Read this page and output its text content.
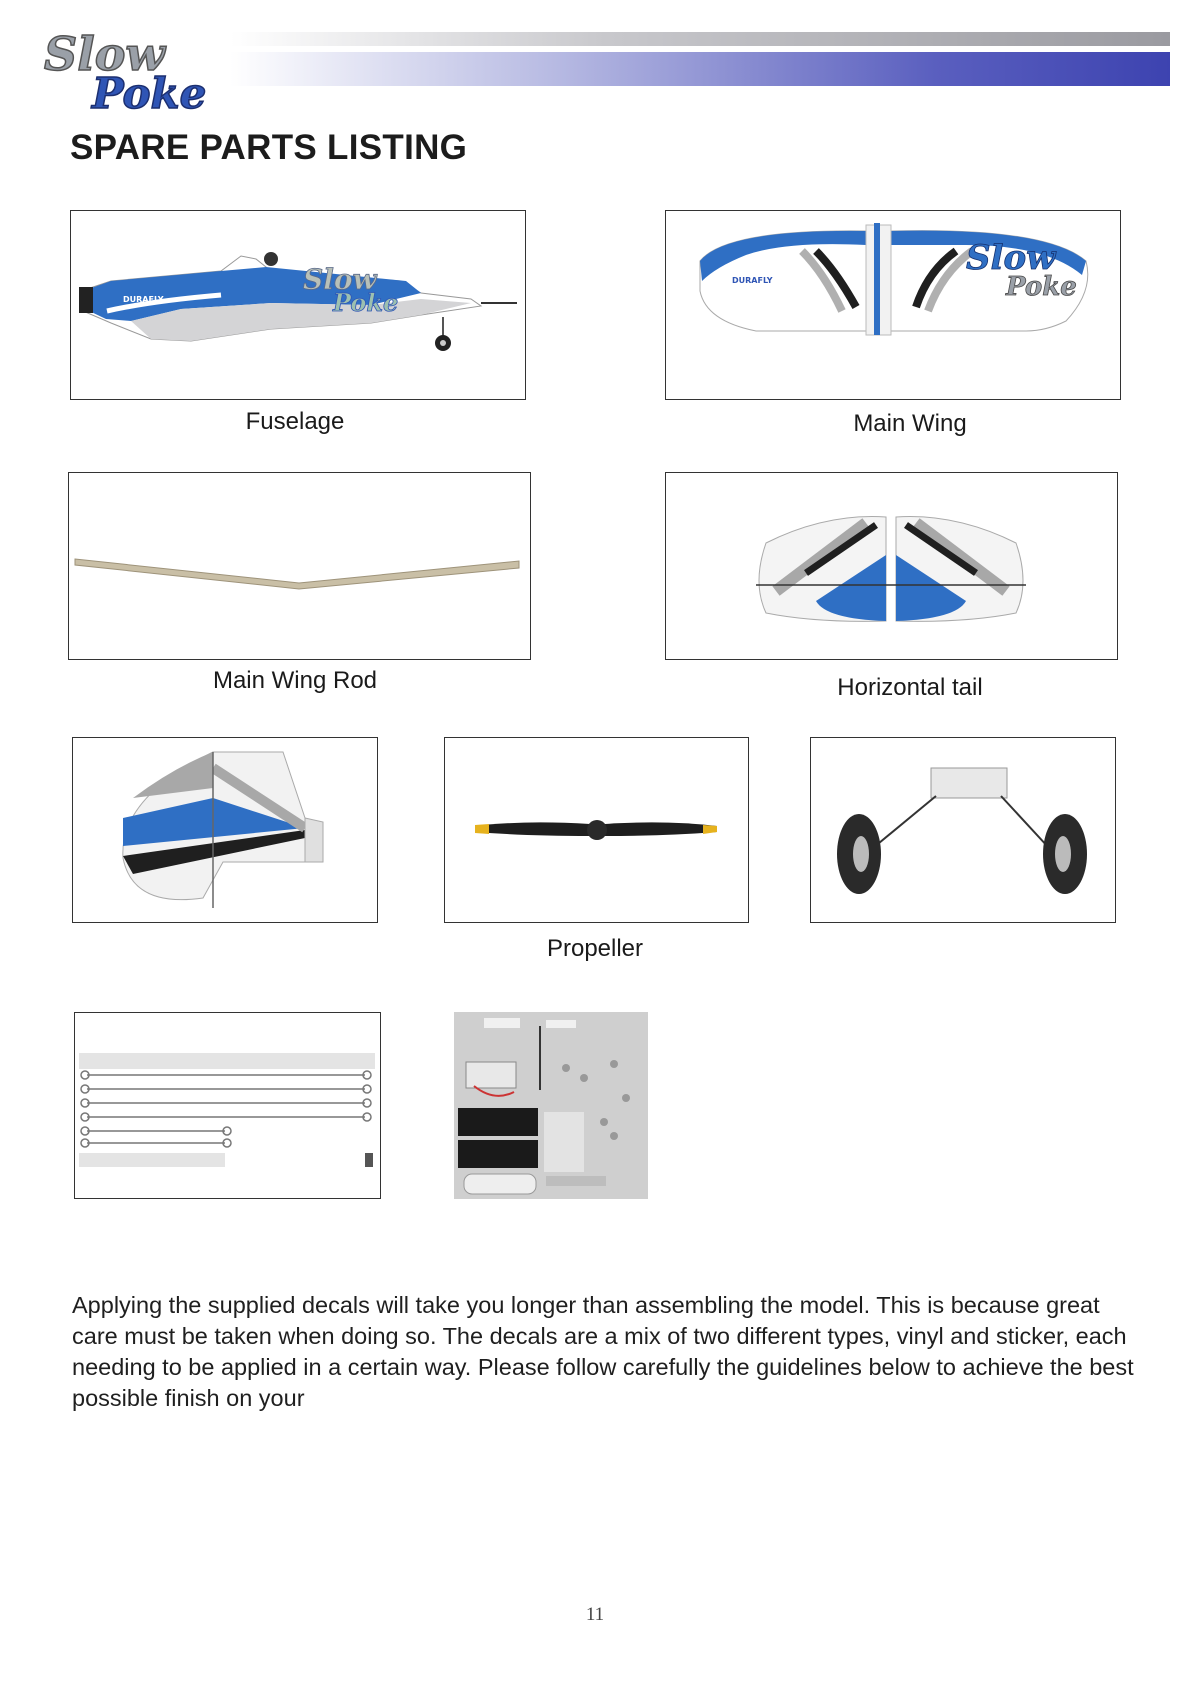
Slow
Poke
SPARE PARTS LISTING
DURAFLY
Slow
Poke
Fuselage
DURAFLY
Slow
Poke
Main Wing
Main Wing Rod	Horizontal tail
Propeller
Applying the supplied decals will take you longer than assembling the model. This is because great care must be taken when doing so. The decals are a mix of two different types, vinyl and sticker, each needing to be applied in a certain way. Please follow carefully the guidelines below to achieve the best possible finish on your
11
